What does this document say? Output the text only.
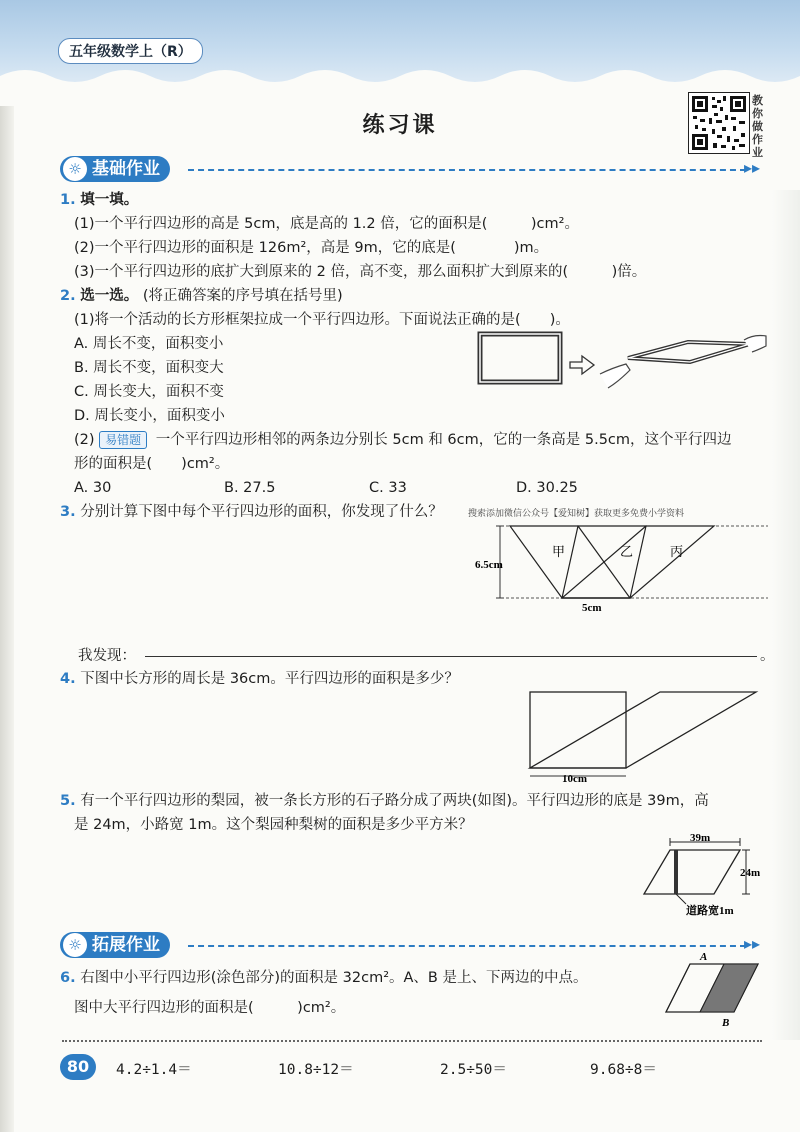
五年级数学上（R）
练习课
教你做作业
☼ 基础作业	▸▸
1. 填一填。
(1)一个平行四边形的高是 5cm，底是高的 1.2 倍，它的面积是(　　　)cm²。
(2)一个平行四边形的面积是 126m²，高是 9m，它的底是(　　　　)m。
(3)一个平行四边形的底扩大到原来的 2 倍，高不变，那么面积扩大到原来的(　　　)倍。
2. 选一选。 (将正确答案的序号填在括号里)
(1)将一个活动的长方形框架拉成一个平行四边形。下面说法正确的是(　　)。
A. 周长不变，面积变小
B. 周长不变，面积变大
C. 周长变大，面积不变
D. 周长变小，面积变小
(2) 易错题 一个平行四边形相邻的两条边分别长 5cm 和 6cm，它的一条高是 5.5cm，这个平行四边
形的面积是(　　)cm²。
A. 30	B. 27.5	C. 33	D. 30.25
3. 分别计算下图中每个平行四边形的面积，你发现了什么？	搜索添加微信公众号【爱知树】获取更多免费小学资料
6.5cm
甲	乙	丙
5cm
我发现：	。
4. 下图中长方形的周长是 36cm。平行四边形的面积是多少？
10cm
5. 有一个平行四边形的梨园，被一条长方形的石子路分成了两块(如图)。平行四边形的底是 39m，高
是 24m，小路宽 1m。这个梨园种梨树的面积是多少平方米？
39m
24m
道路宽1m
☼ 拓展作业	▸▸
6. 右图中小平行四边形(涂色部分)的面积是 32cm²。A、B 是上、下两边的中点。
图中大平行四边形的面积是(　　　)cm²。
A
B
80	4.2÷1.4＝	10.8÷12＝	2.5÷50＝	9.68÷8＝
